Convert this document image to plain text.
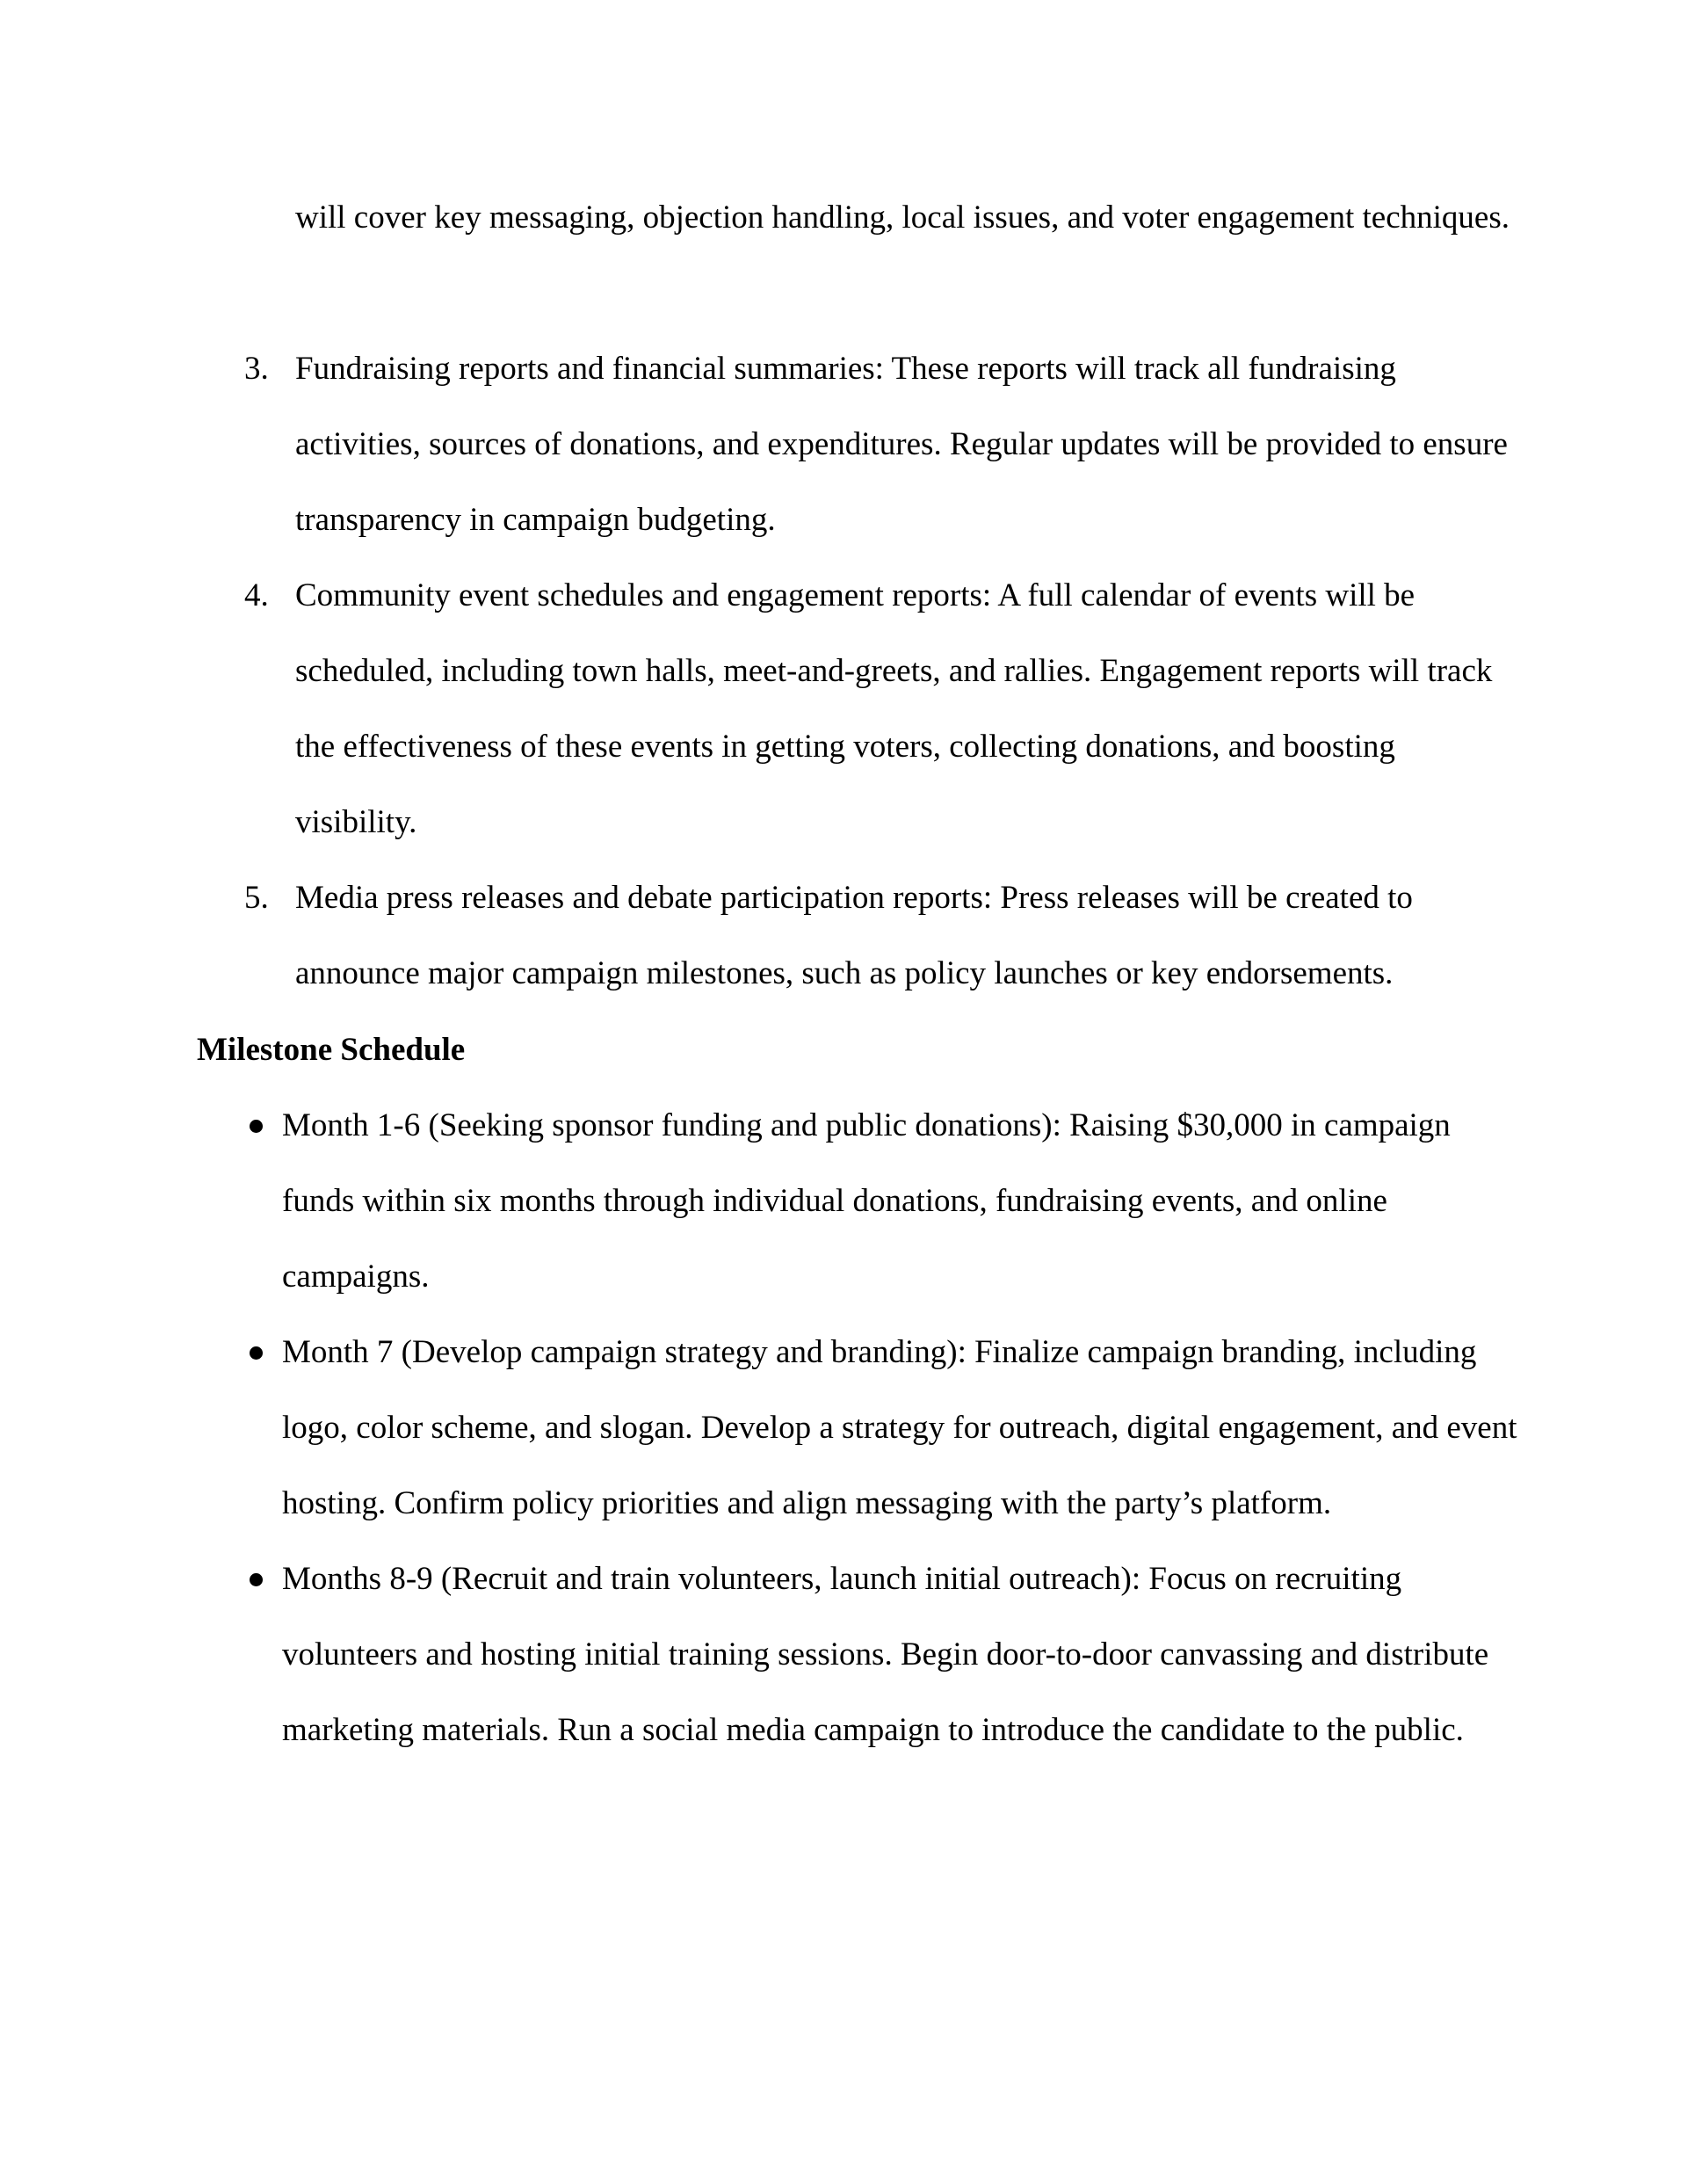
will cover key messaging, objection handling, local issues, and voter engagement techniques.

3. Fundraising reports and financial summaries: These reports will track all fundraising activities, sources of donations, and expenditures. Regular updates will be provided to ensure transparency in campaign budgeting.
4. Community event schedules and engagement reports: A full calendar of events will be scheduled, including town halls, meet-and-greets, and rallies. Engagement reports will track the effectiveness of these events in getting voters, collecting donations, and boosting visibility.
5. Media press releases and debate participation reports: Press releases will be created to announce major campaign milestones, such as policy launches or key endorsements.
Milestone Schedule
Month 1-6 (Seeking sponsor funding and public donations): Raising $30,000 in campaign funds within six months through individual donations, fundraising events, and online campaigns.
Month 7 (Develop campaign strategy and branding): Finalize campaign branding, including logo, color scheme, and slogan. Develop a strategy for outreach, digital engagement, and event hosting. Confirm policy priorities and align messaging with the party’s platform.
Months 8-9 (Recruit and train volunteers, launch initial outreach): Focus on recruiting volunteers and hosting initial training sessions. Begin door-to-door canvassing and distribute marketing materials. Run a social media campaign to introduce the candidate to the public.
